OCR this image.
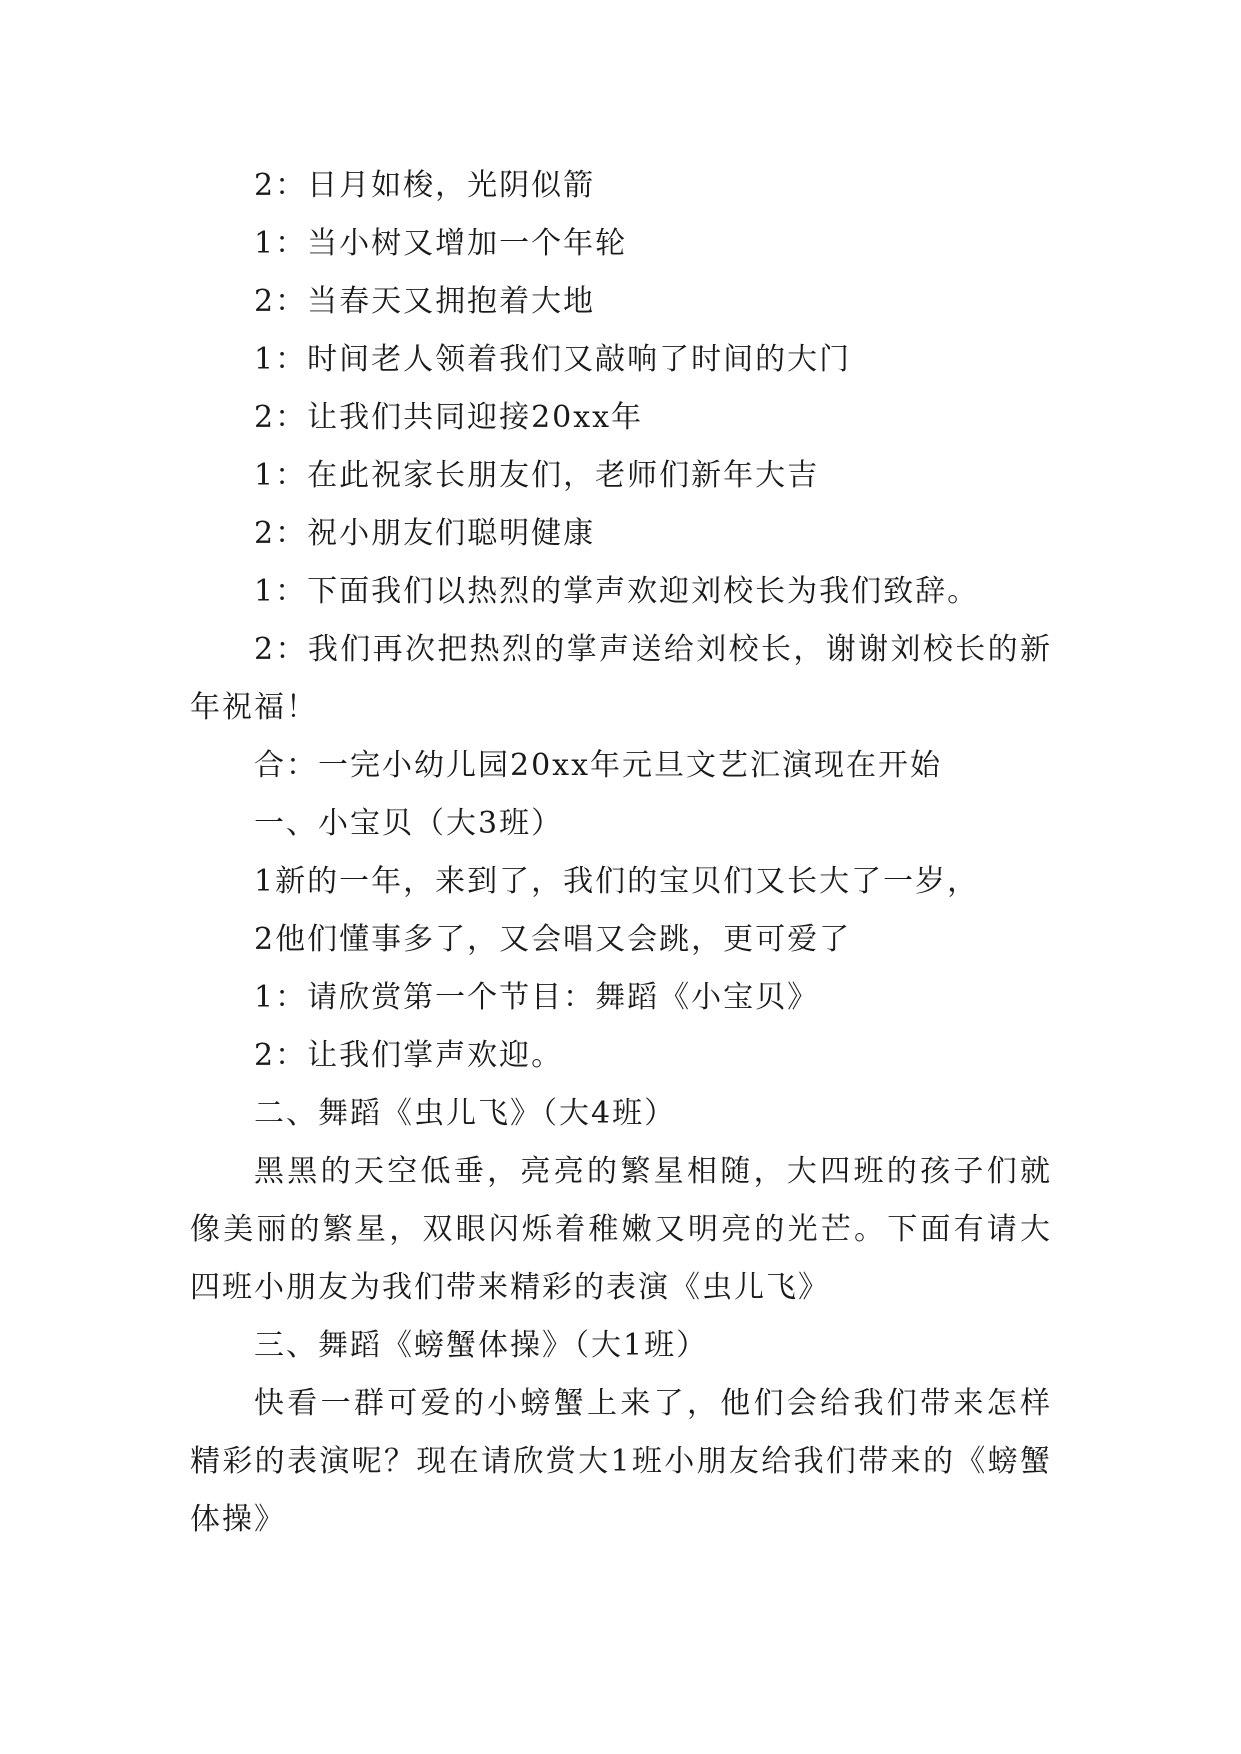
2：日月如梭，光阴似箭

1：当小树又增加一个年轮

2：当春天又拥抱着大地

1：时间老人领着我们又敲响了时间的大门

2：让我们共同迎接20xx年

1：在此祝家长朋友们，老师们新年大吉

2：祝小朋友们聪明健康

1：下面我们以热烈的掌声欢迎刘校长为我们致辞。

2：我们再次把热烈的掌声送给刘校长，谢谢刘校长的新年祝福！

合：一完小幼儿园20xx年元旦文艺汇演现在开始

一、小宝贝（大3班）

1新的一年，来到了，我们的宝贝们又长大了一岁，

2他们懂事多了，又会唱又会跳，更可爱了

1：请欣赏第一个节目：舞蹈《小宝贝》

2：让我们掌声欢迎。

二、舞蹈《虫儿飞》（大4班）

黑黑的天空低垂，亮亮的繁星相随，大四班的孩子们就像美丽的繁星，双眼闪烁着稚嫩又明亮的光芒。下面有请大四班小朋友为我们带来精彩的表演《虫儿飞》

三、舞蹈《螃蟹体操》（大1班）

快看一群可爱的小螃蟹上来了，他们会给我们带来怎样精彩的表演呢？现在请欣赏大1班小朋友给我们带来的《螃蟹体操》
